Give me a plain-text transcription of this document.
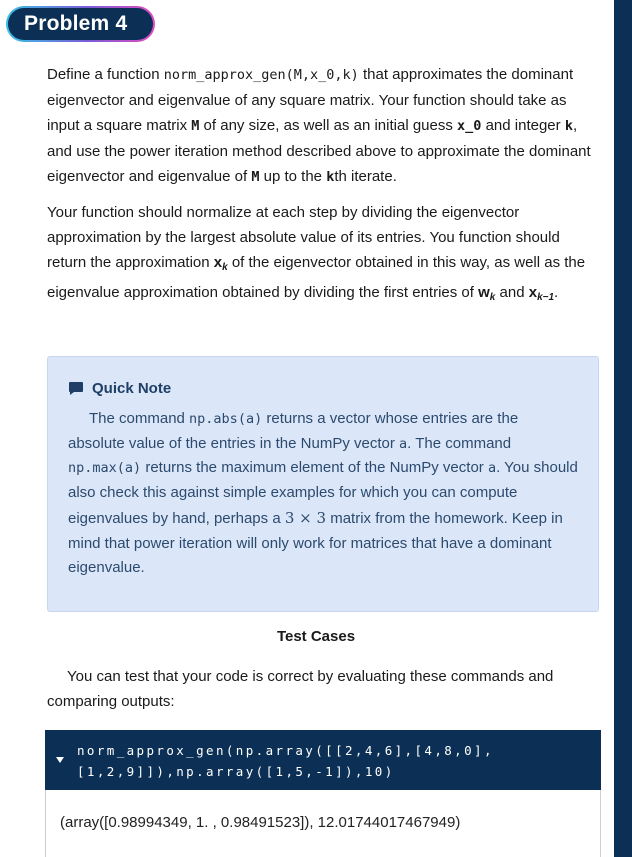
Problem 4

Define a function norm_approx_gen(M,x_0,k) that approximates the dominant eigenvector and eigenvalue of any square matrix. Your function should take as input a square matrix M of any size, as well as an initial guess x_0 and integer k, and use the power iteration method described above to approximate the dominant eigenvector and eigenvalue of M up to the kth iterate.

Your function should normalize at each step by dividing the eigenvector approximation by the largest absolute value of its entries. You function should return the approximation $x_k$ of the eigenvector obtained in this way, as well as the eigenvalue approximation obtained by dividing the first entries of $w_k$ and $x_{k-1}$.

Quick Note

The command np.abs(a) returns a vector whose entries are the absolute value of the entries in the NumPy vector a. The command np.max(a) returns the maximum element of the NumPy vector a. You should also check this against simple examples for which you can compute eigenvalues by hand, perhaps a 3 × 3 matrix from the homework. Keep in mind that power iteration will only work for matrices that have a dominant eigenvalue.

Test Cases

You can test that your code is correct by evaluating these commands and comparing outputs:

norm_approx_gen(np.array([[2,4,6],[4,8,0],
[1,2,9]]),np.array([1,5,-1]),10)
(array([0.98994349, 1. , 0.98491523]), 12.01744017467949)
